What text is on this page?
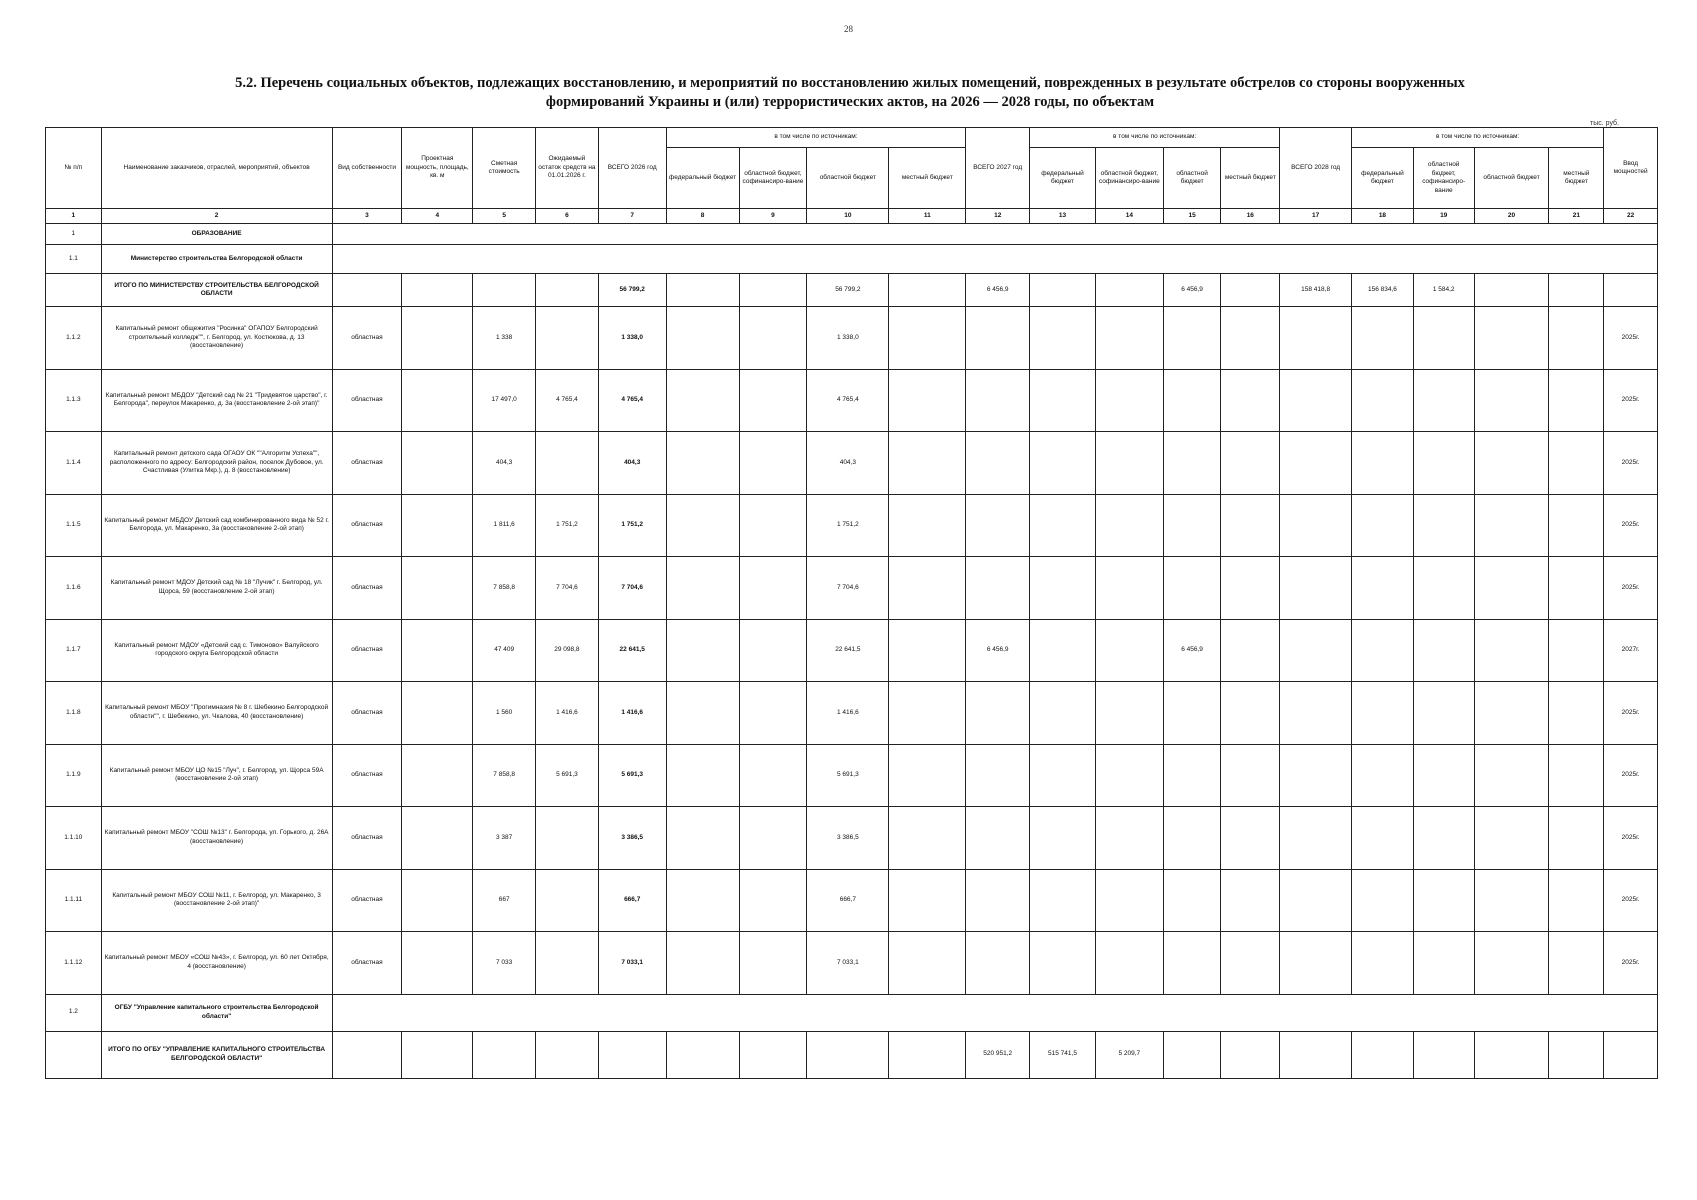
28
5.2. Перечень социальных объектов, подлежащих восстановлению, и мероприятий по восстановлению жилых помещений, поврежденных в результате обстрелов со стороны вооруженных
формирований Украины и (или) террористических актов, на 2026 — 2028 годы, по объектам
тыс. руб.
№ п/п	Наименование заказчиков, отраслей, мероприятий, объектов	Вид собственности	Проектная мощность, площадь, кв. м	Сметная стоимость	Ожидаемый остаток средств на 01.01.2026 г.	ВСЕГО 2026 год	в том числе по источникам:				ВСЕГО 2027 год	в том числе по источникам:				ВСЕГО 2028 год	в том числе по источникам:				Ввод мощностей
							федеральный бюджет	областной бюджет, софинансиро-вание	областной бюджет	местный бюджет		федеральный бюджет	областной бюджет, софинансиро-вание	областной бюджет	местный бюджет		федеральный бюджет	областной бюджет, софинансиро-вание	областной бюджет	местный бюджет	
1	2	3	4	5	6	7	8	9	10	11	12	13	14	15	16	17	18	19	20	21	22
1	ОБРАЗОВАНИЕ																				
1.1	Министерство строительства Белгородской области																				
	ИТОГО ПО МИНИСТЕРСТВУ СТРОИТЕЛЬСТВА БЕЛГОРОДСКОЙ ОБЛАСТИ					56 799,2			56 799,2		6 456,9			6 456,9		158 418,8	156 834,6	1 584,2			
1.1.2	Капитальный ремонт общежития "Росинка" ОГАПОУ Белгородский строительный колледж"", г. Белгород, ул. Костюкова, д. 13 (восстановление)	областная		1 338		1 338,0			1 338,0												2025г.
1.1.3	Капитальный ремонт МБДОУ "Детский сад № 21 "Тридевятое царство", г. Белгорода", переулок Макаренко, д. 3а (восстановление 2-ой этап)"	областная		17 497,0	4 765,4	4 765,4			4 765,4												2025г.
1.1.4	Капитальный ремонт детского сада ОГАОУ ОК ""Алгоритм Успеха"", расположенного по адресу: Белгородский район, поселок Дубовое, ул. Счастливая (Улитка Мкр.), д. 8 (восстановление)	областная		404,3		404,3			404,3												2025г.
1.1.5	Капитальный ремонт МБДОУ Детский сад комбинированного вида № 52 г. Белгорода, ул. Макаренко, 3а (восстановление 2-ой этап)	областная		1 811,6	1 751,2	1 751,2			1 751,2												2025г.
1.1.6	Капитальный ремонт МДОУ Детский сад № 18 "Лучик" г. Белгород, ул. Щорса, 59 (восстановление 2-ой этап)	областная		7 858,8	7 704,6	7 704,6			7 704,6												2025г.
1.1.7	Капитальный ремонт МДОУ «Детский сад с. Тимоново» Валуйского городского округа Белгородской области	областная		47 409	29 098,8	22 641,5			22 641,5		6 456,9			6 456,9							2027г.
1.1.8	Капитальный ремонт МБОУ "Прогимназия № 8 г. Шебекино Белгородской области"", г. Шебекино, ул. Чкалова, 40 (восстановление)	областная		1 560	1 416,6	1 416,6			1 416,6												2025г.
1.1.9	Капитальный ремонт МБОУ ЦО №15 "Луч", г. Белгород, ул. Щорса 59А (восстановление 2-ой этап)	областная		7 858,8	5 691,3	5 691,3			5 691,3												2025г.
1.1.10	Капитальный ремонт МБОУ "СОШ №13" г. Белгорода, ул. Горького, д. 26А (восстановление)	областная		3 387		3 386,5			3 386,5												2025г.
1.1.11	Капитальный ремонт МБОУ СОШ №11, г. Белгород, ул. Макаренко, 3 (восстановление 2-ой этап)"	областная		667		666,7			666,7												2025г.
1.1.12	Капитальный ремонт МБОУ «СОШ №43», г. Белгород, ул. 60 лет Октября, 4 (восстановление)	областная		7 033		7 033,1			7 033,1												2025г.
1.2	ОГБУ "Управление капитального строительства Белгородской области"																				
	ИТОГО ПО ОГБУ "УПРАВЛЕНИЕ КАПИТАЛЬНОГО СТРОИТЕЛЬСТВА БЕЛГОРОДСКОЙ ОБЛАСТИ"										520 951,2	515 741,5	5 209,7								
